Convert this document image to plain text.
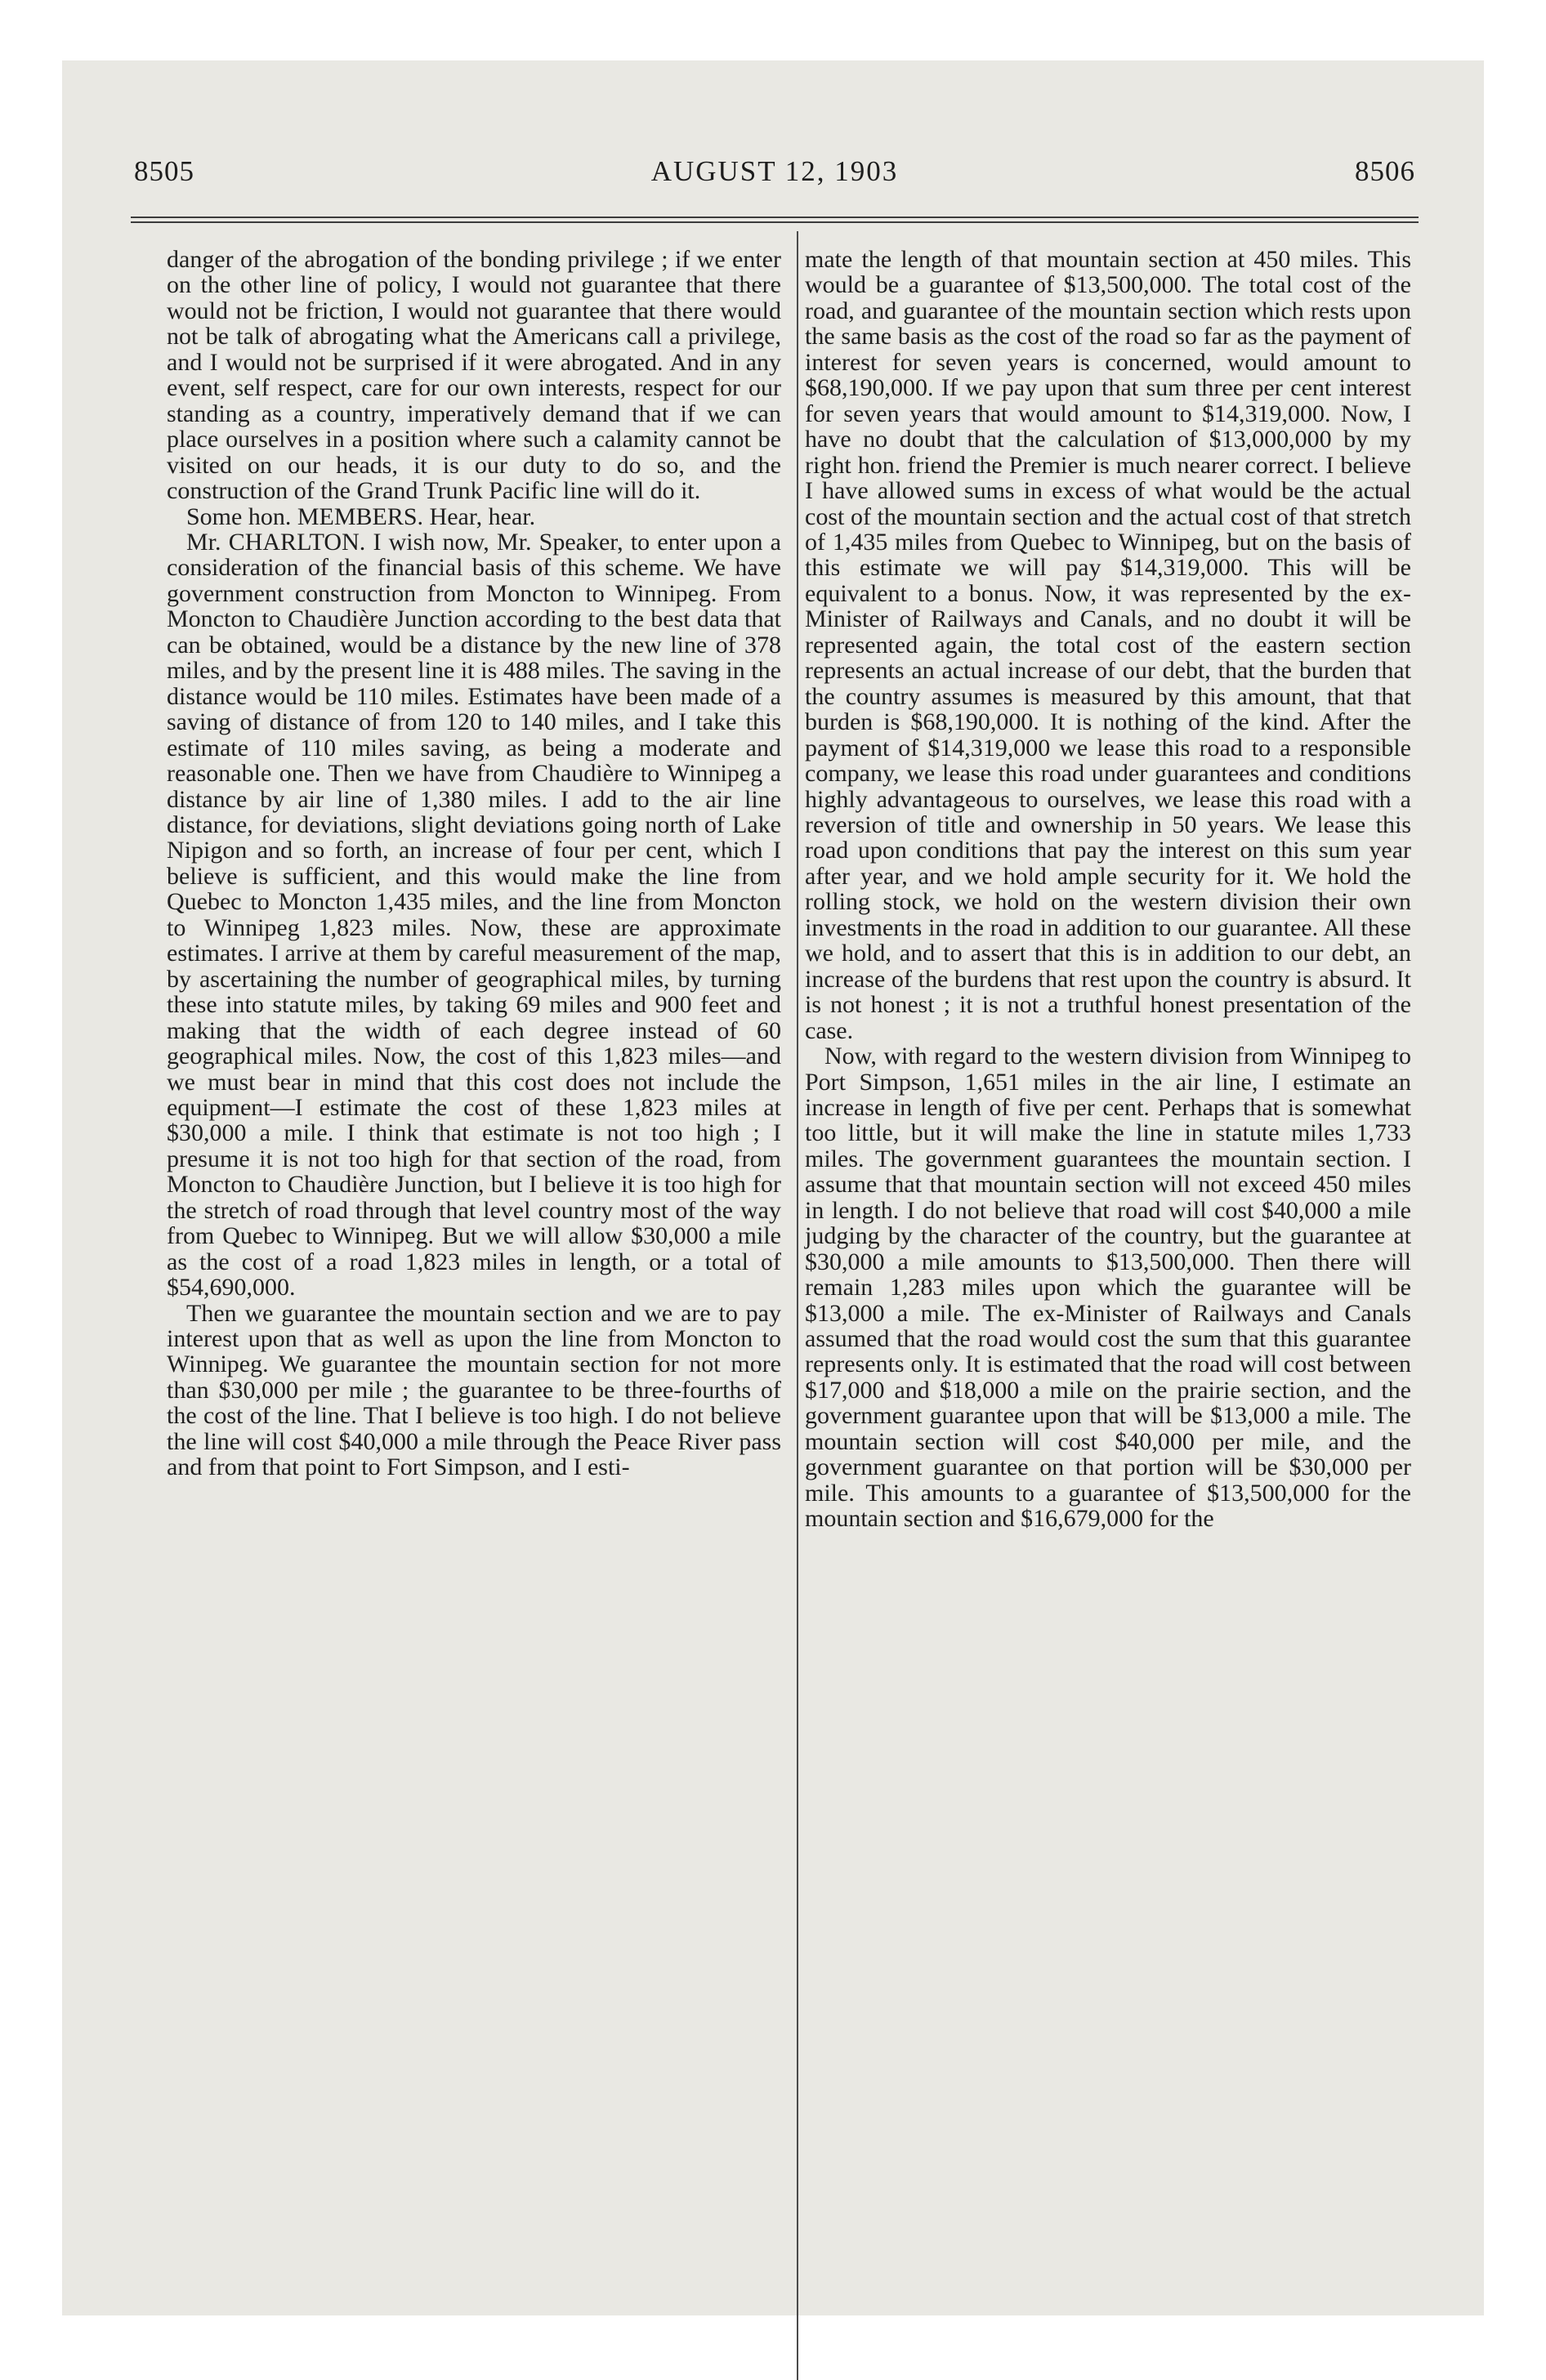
8505	AUGUST 12, 1903	8506

danger of the abrogation of the bonding privilege ; if we enter on the other line of policy, I would not guarantee that there would not be friction, I would not guarantee that there would not be talk of abrogating what the Americans call a privilege, and I would not be surprised if it were abrogated. And in any event, self respect, care for our own interests, respect for our standing as a country, imperatively demand that if we can place ourselves in a position where such a calamity cannot be visited on our heads, it is our duty to do so, and the construction of the Grand Trunk Pacific line will do it.

Some hon. MEMBERS. Hear, hear.

Mr. CHARLTON. I wish now, Mr. Speaker, to enter upon a consideration of the financial basis of this scheme. We have government construction from Moncton to Winnipeg. From Moncton to Chaudière Junction according to the best data that can be obtained, would be a distance by the new line of 378 miles, and by the present line it is 488 miles. The saving in the distance would be 110 miles. Estimates have been made of a saving of distance of from 120 to 140 miles, and I take this estimate of 110 miles saving, as being a moderate and reasonable one. Then we have from Chaudière to Winnipeg a distance by air line of 1,380 miles. I add to the air line distance, for deviations, slight deviations going north of Lake Nipigon and so forth, an increase of four per cent, which I believe is sufficient, and this would make the line from Quebec to Moncton 1,435 miles, and the line from Moncton to Winnipeg 1,823 miles. Now, these are approximate estimates. I arrive at them by careful measurement of the map, by ascertaining the number of geographical miles, by turning these into statute miles, by taking 69 miles and 900 feet and making that the width of each degree instead of 60 geographical miles. Now, the cost of this 1,823 miles—and we must bear in mind that this cost does not include the equipment—I estimate the cost of these 1,823 miles at $30,000 a mile. I think that estimate is not too high ; I presume it is not too high for that section of the road, from Moncton to Chaudière Junction, but I believe it is too high for the stretch of road through that level country most of the way from Quebec to Winnipeg. But we will allow $30,000 a mile as the cost of a road 1,823 miles in length, or a total of $54,690,000.

Then we guarantee the mountain section and we are to pay interest upon that as well as upon the line from Moncton to Winnipeg. We guarantee the mountain section for not more than $30,000 per mile ; the guarantee to be three-fourths of the cost of the line. That I believe is too high. I do not believe the line will cost $40,000 a mile through the Peace River pass and from that point to Fort Simpson, and I esti-

mate the length of that mountain section at 450 miles. This would be a guarantee of $13,500,000. The total cost of the road, and guarantee of the mountain section which rests upon the same basis as the cost of the road so far as the payment of interest for seven years is concerned, would amount to $68,190,000. If we pay upon that sum three per cent interest for seven years that would amount to $14,319,000. Now, I have no doubt that the calculation of $13,000,000 by my right hon. friend the Premier is much nearer correct. I believe I have allowed sums in excess of what would be the actual cost of the mountain section and the actual cost of that stretch of 1,435 miles from Quebec to Winnipeg, but on the basis of this estimate we will pay $14,319,000. This will be equivalent to a bonus. Now, it was represented by the ex-Minister of Railways and Canals, and no doubt it will be represented again, the total cost of the eastern section represents an actual increase of our debt, that the burden that the country assumes is measured by this amount, that that burden is $68,190,000. It is nothing of the kind. After the payment of $14,319,000 we lease this road to a responsible company, we lease this road under guarantees and conditions highly advantageous to ourselves, we lease this road with a reversion of title and ownership in 50 years. We lease this road upon conditions that pay the interest on this sum year after year, and we hold ample security for it. We hold the rolling stock, we hold on the western division their own investments in the road in addition to our guarantee. All these we hold, and to assert that this is in addition to our debt, an increase of the burdens that rest upon the country is absurd. It is not honest ; it is not a truthful honest presentation of the case.

Now, with regard to the western division from Winnipeg to Port Simpson, 1,651 miles in the air line, I estimate an increase in length of five per cent. Perhaps that is somewhat too little, but it will make the line in statute miles 1,733 miles. The government guarantees the mountain section. I assume that that mountain section will not exceed 450 miles in length. I do not believe that road will cost $40,000 a mile judging by the character of the country, but the guarantee at $30,000 a mile amounts to $13,500,000. Then there will remain 1,283 miles upon which the guarantee will be $13,000 a mile. The ex-Minister of Railways and Canals assumed that the road would cost the sum that this guarantee represents only. It is estimated that the road will cost between $17,000 and $18,000 a mile on the prairie section, and the government guarantee upon that will be $13,000 a mile. The mountain section will cost $40,000 per mile, and the government guarantee on that portion will be $30,000 per mile. This amounts to a guarantee of $13,500,000 for the mountain section and $16,679,000 for the
